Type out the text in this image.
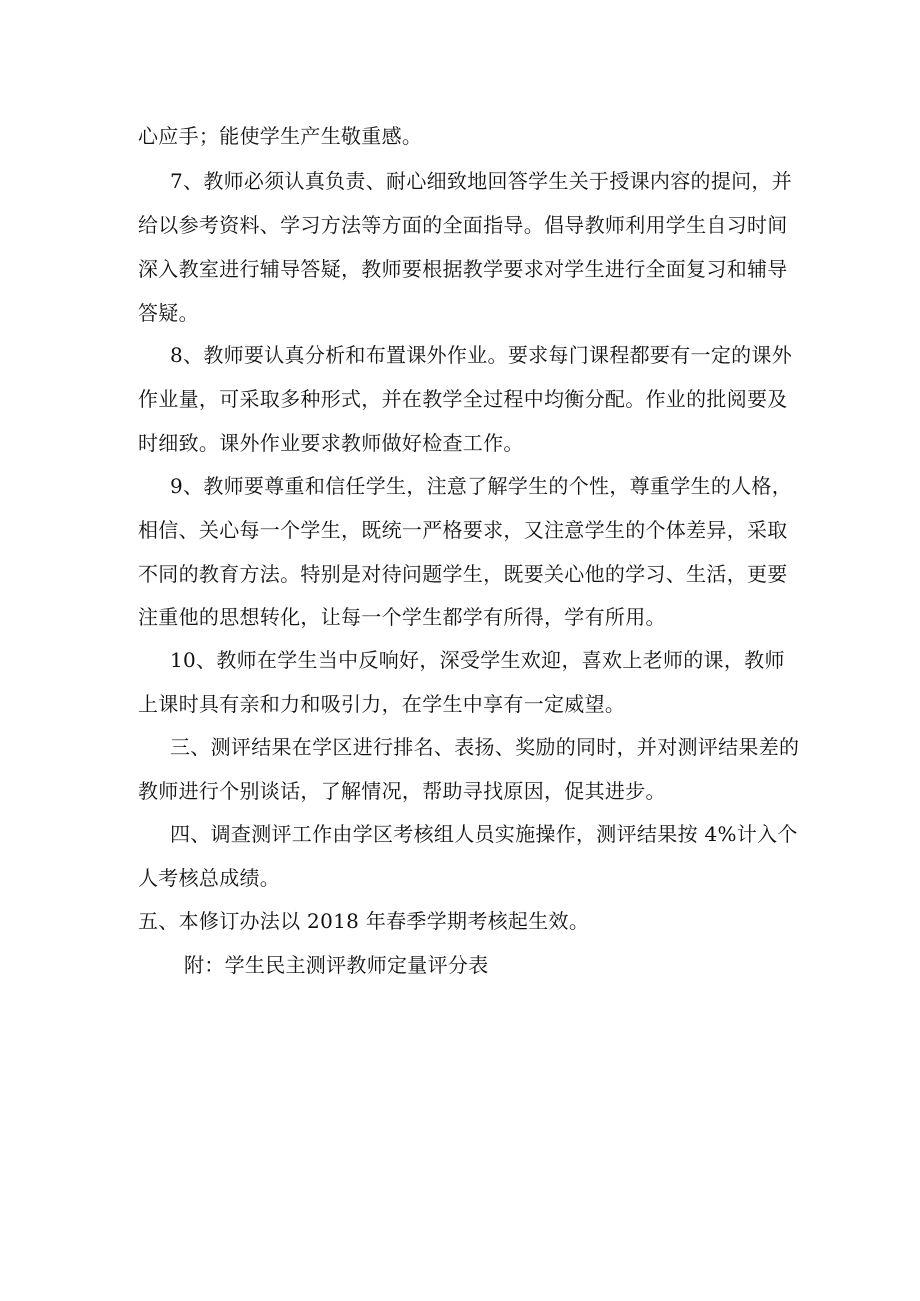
心应手；能使学生产生敬重感。
7、教师必须认真负责、耐心细致地回答学生关于授课内容的提问，并
给以参考资料、学习方法等方面的全面指导。倡导教师利用学生自习时间
深入教室进行辅导答疑，教师要根据教学要求对学生进行全面复习和辅导
答疑。
8、教师要认真分析和布置课外作业。要求每门课程都要有一定的课外
作业量，可采取多种形式，并在教学全过程中均衡分配。作业的批阅要及
时细致。课外作业要求教师做好检查工作。
9、教师要尊重和信任学生，注意了解学生的个性，尊重学生的人格，
相信、关心每一个学生，既统一严格要求，又注意学生的个体差异，采取
不同的教育方法。特别是对待问题学生，既要关心他的学习、生活，更要
注重他的思想转化，让每一个学生都学有所得，学有所用。
10、教师在学生当中反响好，深受学生欢迎，喜欢上老师的课，教师
上课时具有亲和力和吸引力，在学生中享有一定威望。
三、测评结果在学区进行排名、表扬、奖励的同时，并对测评结果差的
教师进行个别谈话，了解情况，帮助寻找原因，促其进步。
四、调查测评工作由学区考核组人员实施操作，测评结果按 4%计入个
人考核总成绩。
五、本修订办法以 2018 年春季学期考核起生效。
附：学生民主测评教师定量评分表
